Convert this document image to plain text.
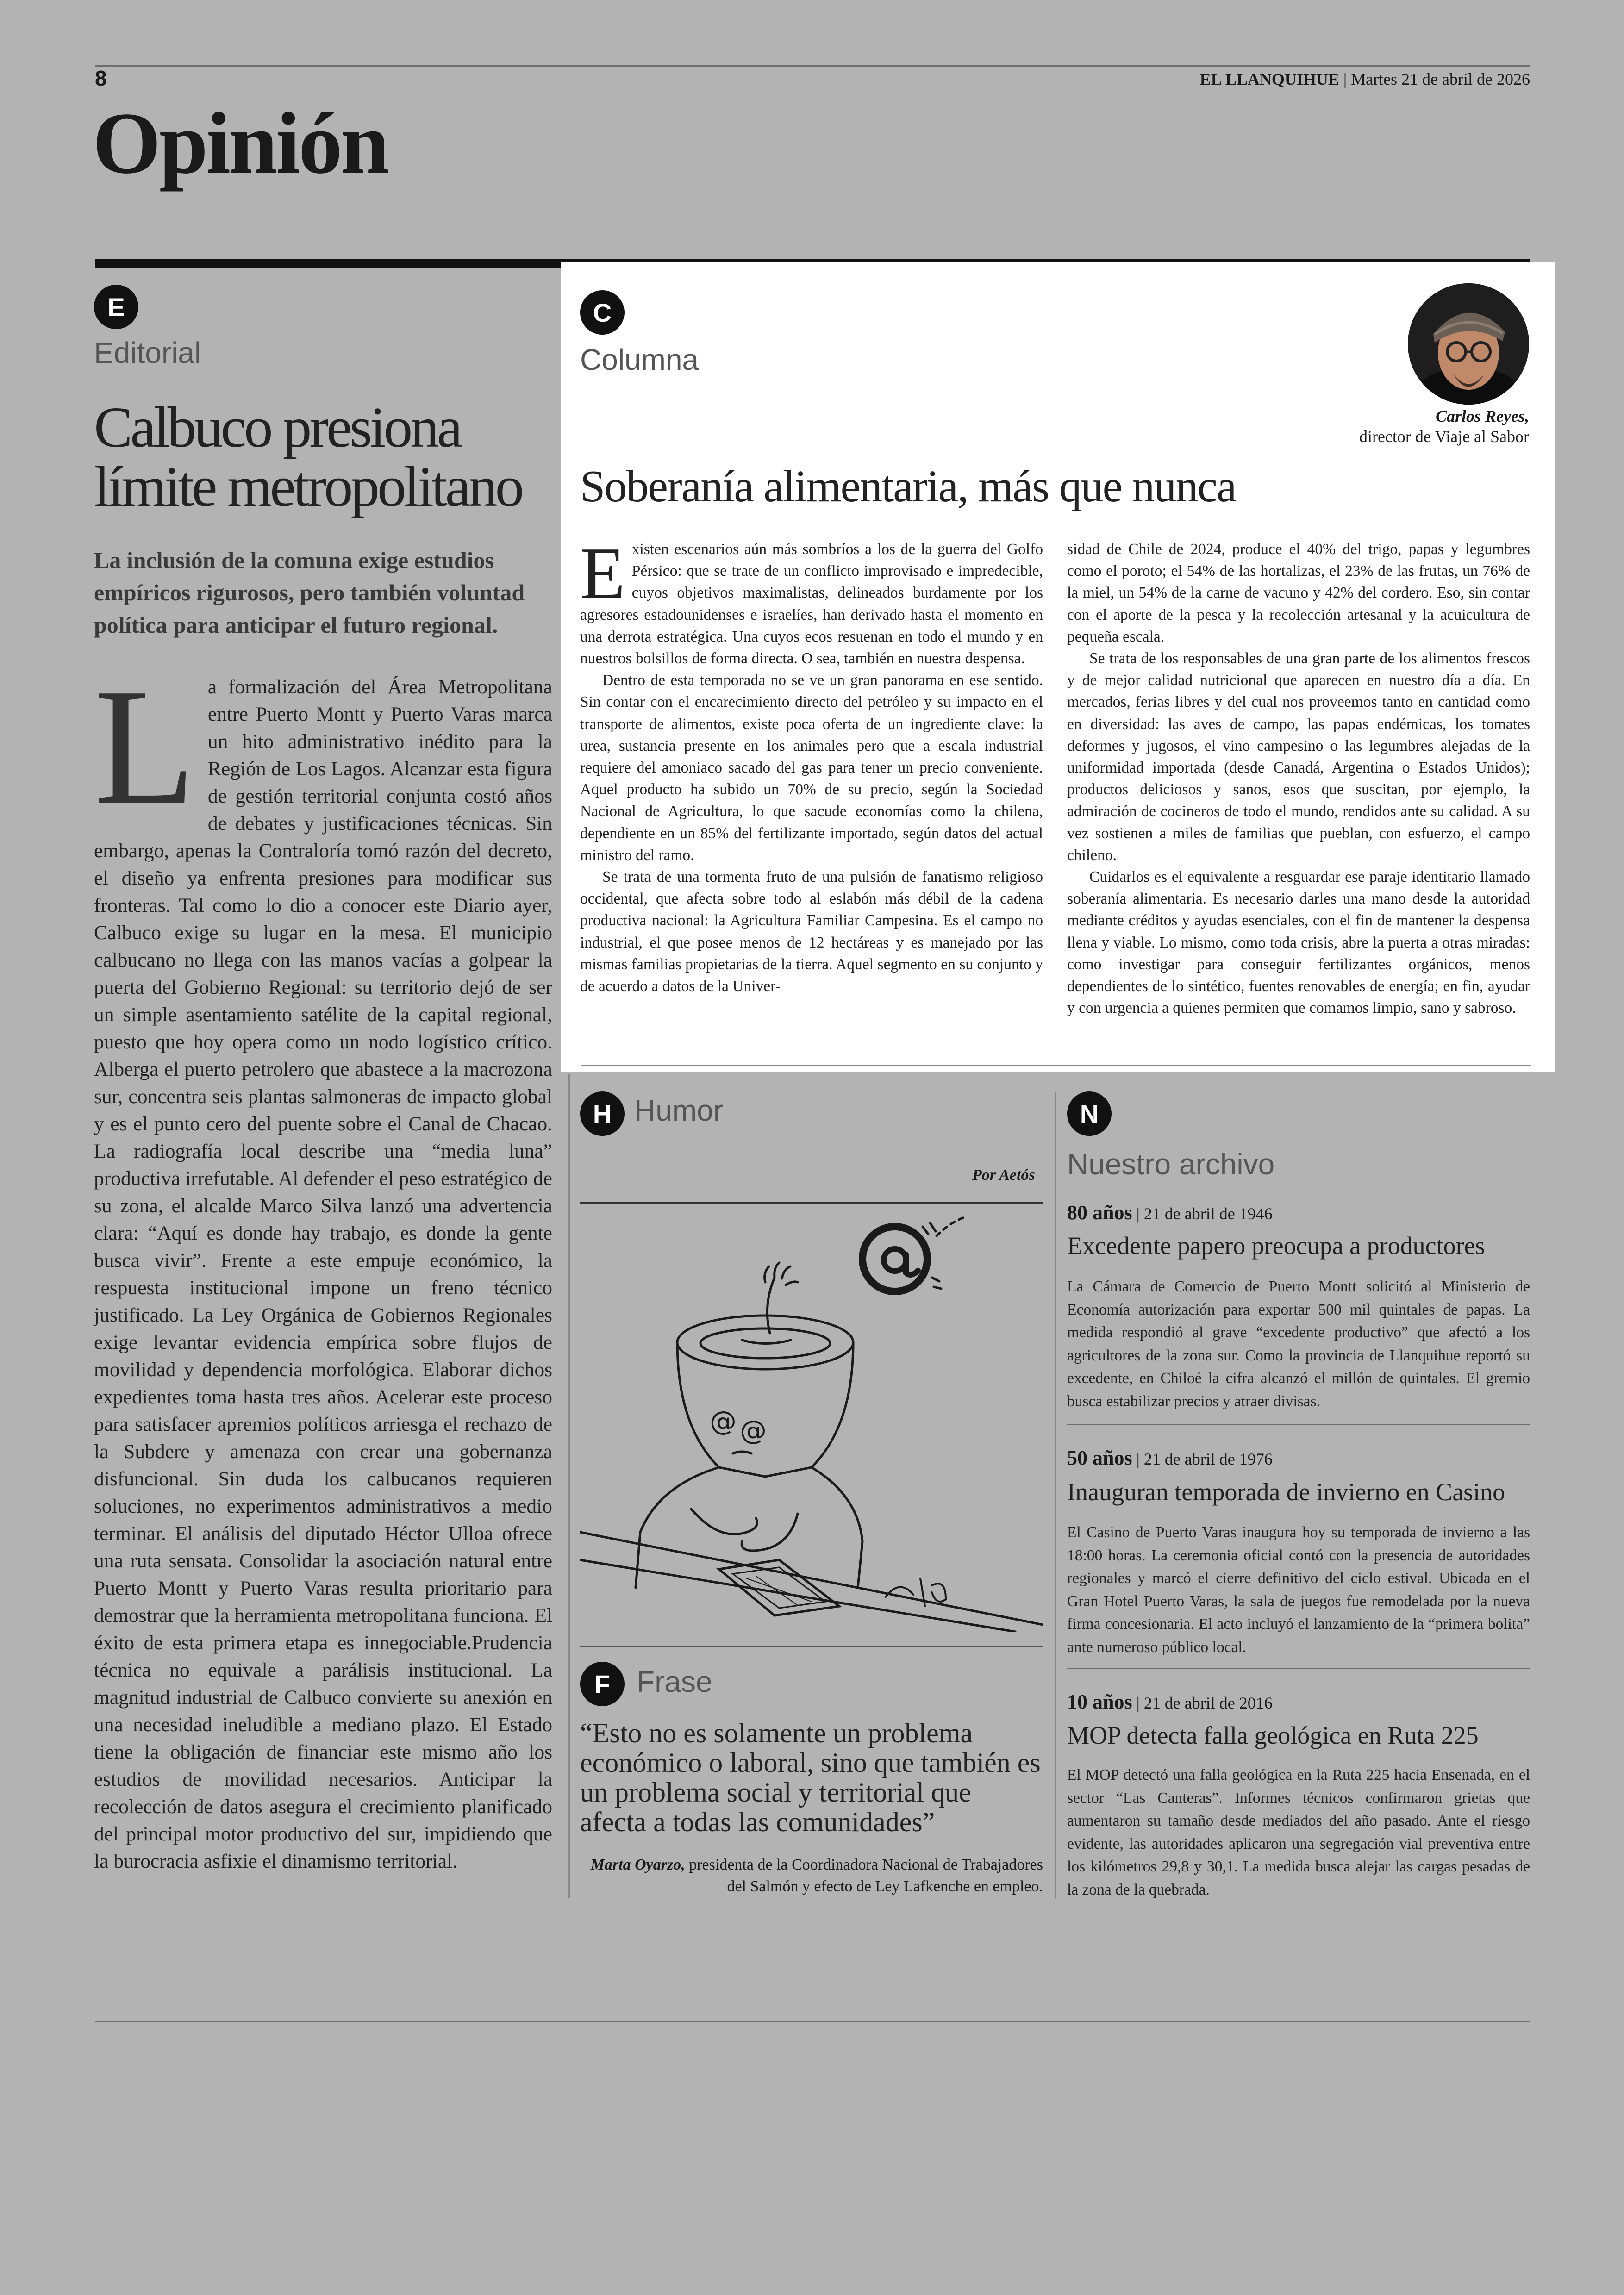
8	EL LLANQUIHUE | Martes 21 de abril de 2026
Opinión
E
Editorial
Calbuco presiona límite metropolitano
La inclusión de la comuna exige estudios empíricos rigurosos, pero también voluntad política para anticipar el futuro regional.
La formalización del Área Metropolitana entre Puerto Montt y Puerto Varas marca un hito administrativo inédito para la Región de Los Lagos. Alcanzar esta figura de gestión territorial conjunta costó años de debates y justificaciones técnicas. Sin embargo, apenas la Contraloría tomó razón del decreto, el diseño ya enfrenta presiones para modificar sus fronteras. Tal como lo dio a conocer este Diario ayer, Calbuco exige su lugar en la mesa. El municipio calbucano no llega con las manos vacías a golpear la puerta del Gobierno Regional: su territorio dejó de ser un simple asentamiento satélite de la capital regional, puesto que hoy opera como un nodo logístico crítico. Alberga el puerto petrolero que abastece a la macrozona sur, concentra seis plantas salmoneras de impacto global y es el punto cero del puente sobre el Canal de Chacao. La radiografía local describe una “media luna” productiva irrefutable. Al defender el peso estratégico de su zona, el alcalde Marco Silva lanzó una advertencia clara: “Aquí es donde hay trabajo, es donde la gente busca vivir”. Frente a este empuje económico, la respuesta institucional impone un freno técnico justificado. La Ley Orgánica de Gobiernos Regionales exige levantar evidencia empírica sobre flujos de movilidad y dependencia morfológica. Elaborar dichos expedientes toma hasta tres años. Acelerar este proceso para satisfacer apremios políticos arriesga el rechazo de la Subdere y amenaza con crear una gobernanza disfuncional. Sin duda los calbucanos requieren soluciones, no experimentos administrativos a medio terminar. El análisis del diputado Héctor Ulloa ofrece una ruta sensata. Consolidar la asociación natural entre Puerto Montt y Puerto Varas resulta prioritario para demostrar que la herramienta metropolitana funciona. El éxito de esta primera etapa es innegociable.Prudencia técnica no equivale a parálisis institucional. La magnitud industrial de Calbuco convierte su anexión en una necesidad ineludible a mediano plazo. El Estado tiene la obligación de financiar este mismo año los estudios de movilidad necesarios. Anticipar la recolección de datos asegura el crecimiento planificado del principal motor productivo del sur, impidiendo que la burocracia asfixie el dinamismo territorial.
C
Columna
Carlos Reyes,
director de Viaje al Sabor
Soberanía alimentaria, más que nunca

Existen escenarios aún más sombríos a los de la guerra del Golfo Pérsico: que se trate de un conflicto improvisado e impredecible, cuyos objetivos maximalistas, delineados burdamente por los agresores estadounidenses e israelíes, han derivado hasta el momento en una derrota estratégica. Una cuyos ecos resuenan en todo el mundo y en nuestros bolsillos de forma directa. O sea, también en nuestra despensa.

Dentro de esta temporada no se ve un gran panorama en ese sentido. Sin contar con el encarecimiento directo del petróleo y su impacto en el transporte de alimentos, existe poca oferta de un ingrediente clave: la urea, sustancia presente en los animales pero que a escala industrial requiere del amoniaco sacado del gas para tener un precio conveniente. Aquel producto ha subido un 70% de su precio, según la Sociedad Nacional de Agricultura, lo que sacude economías como la chilena, dependiente en un 85% del fertilizante importado, según datos del actual ministro del ramo.

Se trata de una tormenta fruto de una pulsión de fanatismo religioso occidental, que afecta sobre todo al eslabón más débil de la cadena productiva nacional: la Agricultura Familiar Campesina. Es el campo no industrial, el que posee menos de 12 hectáreas y es manejado por las mismas familias propietarias de la tierra. Aquel segmento en su conjunto y de acuerdo a datos de la Univer-

sidad de Chile de 2024, produce el 40% del trigo, papas y legumbres como el poroto; el 54% de las hortalizas, el 23% de las frutas, un 76% de la miel, un 54% de la carne de vacuno y 42% del cordero. Eso, sin contar con el aporte de la pesca y la recolección artesanal y la acuicultura de pequeña escala.

Se trata de los responsables de una gran parte de los alimentos frescos y de mejor calidad nutricional que aparecen en nuestro día a día. En mercados, ferias libres y del cual nos proveemos tanto en cantidad como en diversidad: las aves de campo, las papas endémicas, los tomates deformes y jugosos, el vino campesino o las legumbres alejadas de la uniformidad importada (desde Canadá, Argentina o Estados Unidos); productos deliciosos y sanos, esos que suscitan, por ejemplo, la admiración de cocineros de todo el mundo, rendidos ante su calidad. A su vez sostienen a miles de familias que pueblan, con esfuerzo, el campo chileno.

Cuidarlos es el equivalente a resguardar ese paraje identitario llamado soberanía alimentaria. Es necesario darles una mano desde la autoridad mediante créditos y ayudas esenciales, con el fin de mantener la despensa llena y viable. Lo mismo, como toda crisis, abre la puerta a otras miradas: como investigar para conseguir fertilizantes orgánicos, menos dependientes de lo sintético, fuentes renovables de energía; en fin, ayudar y con urgencia a quienes permiten que comamos limpio, sano y sabroso.

H Humor
Por Aetós
@ @
F Frase
“Esto no es solamente un problema económico o laboral, sino que también es un problema social y territorial que afecta a todas las comunidades”
Marta Oyarzo, presidenta de la Coordinadora Nacional de Trabajadores del Salmón y efecto de Ley Lafkenche en empleo.
N
Nuestro archivo
80 años | 21 de abril de 1946
Excedente papero preocupa a productores
La Cámara de Comercio de Puerto Montt solicitó al Ministerio de Economía autorización para exportar 500 mil quintales de papas. La medida respondió al grave “excedente productivo” que afectó a los agricultores de la zona sur. Como la provincia de Llanquihue reportó su excedente, en Chiloé la cifra alcanzó el millón de quintales. El gremio busca estabilizar precios y atraer divisas.
50 años | 21 de abril de 1976
Inauguran temporada de invierno en Casino
El Casino de Puerto Varas inaugura hoy su temporada de invierno a las 18:00 horas. La ceremonia oficial contó con la presencia de autoridades regionales y marcó el cierre definitivo del ciclo estival. Ubicada en el Gran Hotel Puerto Varas, la sala de juegos fue remodelada por la nueva firma concesionaria. El acto incluyó el lanzamiento de la “primera bolita” ante numeroso público local.
10 años | 21 de abril de 2016
MOP detecta falla geológica en Ruta 225
El MOP detectó una falla geológica en la Ruta 225 hacia Ensenada, en el sector “Las Canteras”. Informes técnicos confirmaron grietas que aumentaron su tamaño desde mediados del año pasado. Ante el riesgo evidente, las autoridades aplicaron una segregación vial preventiva entre los kilómetros 29,8 y 30,1. La medida busca alejar las cargas pesadas de la zona de la quebrada.
